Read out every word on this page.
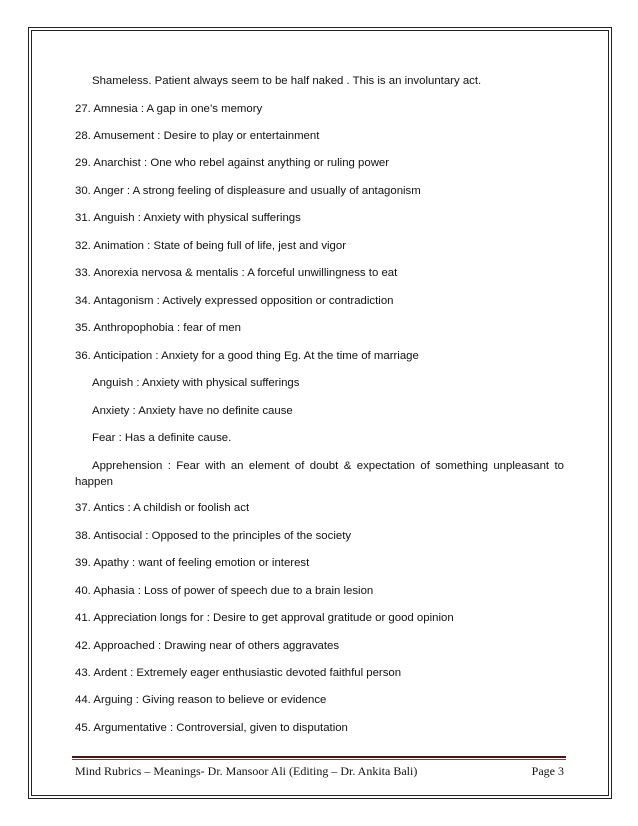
Shameless. Patient always seem to be half naked . This is an involuntary act.
27. Amnesia : A gap in one’s memory
28. Amusement : Desire to play or entertainment
29. Anarchist : One who rebel against anything or ruling power
30. Anger : A strong feeling of displeasure and usually of antagonism
31. Anguish : Anxiety with physical sufferings
32. Animation : State of being full of life, jest and vigor
33. Anorexia nervosa & mentalis : A forceful unwillingness to eat
34. Antagonism : Actively expressed opposition or contradiction
35. Anthropophobia : fear of men
36. Anticipation : Anxiety for a good thing Eg. At the time of marriage
Anguish : Anxiety with physical sufferings
Anxiety : Anxiety have no definite cause
Fear : Has a definite cause.
Apprehension : Fear with an element of doubt & expectation of something unpleasant to happen
37. Antics : A childish or foolish act
38. Antisocial : Opposed to the principles of the society
39. Apathy : want of feeling emotion or interest
40. Aphasia : Loss of power of speech due to a brain lesion
41. Appreciation longs for : Desire to get approval gratitude or good opinion
42. Approached : Drawing near of others aggravates
43. Ardent : Extremely eager enthusiastic devoted faithful person
44. Arguing : Giving reason to believe or evidence
45. Argumentative : Controversial, given to disputation
Mind Rubrics – Meanings- Dr. Mansoor Ali (Editing – Dr. Ankita Bali)	Page 3
